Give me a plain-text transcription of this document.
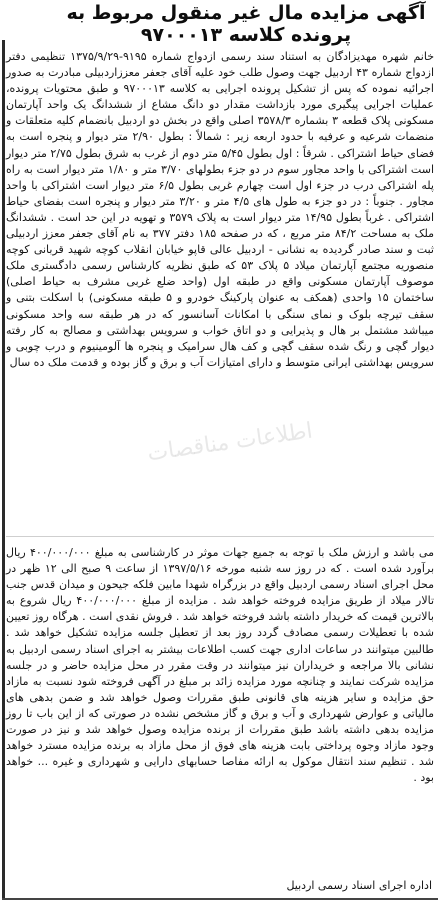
آگهی مزایده مال غیر منقول مربوط به پرونده کلاسه ۹۷۰۰۰۱۳
خانم شهره مهدیزادگان به استناد سند رسمی ازدواج شماره ۹۱۹۵-۱۳۷۵/۹/۲۹ تنظیمی دفتر ازدواج شماره ۴۳ اردبیل جهت وصول طلب خود علیه آقای جعفر معززاردبیلی مبادرت به صدور اجرائیه نموده که پس از تشکیل پرونده اجرایی به کلاسه ۹۷۰۰۰۱۳ و طبق محتویات پرونده، عملیات اجرایی پیگیری مورد بازداشت مقدار دو دانگ مشاع از ششدانگ یک واحد آپارتمان مسکونی پلاک قطعه ۳ بشماره ۳۵۷۸/۳ اصلی واقع در بخش دو اردبیل بانضمام کلیه متعلقات و منضمات شرعیه و عرفیه با حدود اربعه زیر : شمالاً : بطول ۲/۹۰ متر دیوار و پنجره است به فضای حیاط اشتراکی . شرقاً : اول بطول ۵/۴۵ متر دوم از غرب به شرق بطول ۲/۷۵ متر دیوار است اشتراکی با واحد مجاور سوم در دو جزء بطولهای ۳/۷۰ متر و ۱/۸۰ متر دیوار است به راه پله اشتراکی درب در جزء اول است چهارم غربی بطول ۶/۵ متر دیوار است اشتراکی با واحد مجاور . جنوباً : در دو جزء به طول های ۴/۵ متر و ۳/۲۰ متر دیوار و پنجره است بفضای حیاط اشتراکی . غرباً بطول ۱۴/۹۵ متر دیوار است به پلاک ۳۵۷۹ و تهویه در این حد است . ششدانگ ملک به مساحت ۸۴/۲ متر مربع ، که در صفحه ۱۸۵ دفتر ۳۷۷ به نام آقای جعفر معزز اردبیلی ثبت و سند صادر گردیده به نشانی - اردبیل عالی قاپو خیابان انقلاب کوچه شهید قربانی کوچه منصوریه مجتمع آپارتمان میلاد ۵ پلاک ۵۳ که طبق نظریه کارشناس رسمی دادگستری ملک موصوف آپارتمان مسکونی واقع در طبقه اول (واحد ضلع غربی مشرف به حیاط اصلی) ساختمان ۱۵ واحدی (همکف به عنوان پارکینگ خودرو و ۵ طبقه مسکونی) با اسکلت بتنی و سقف تیرچه بلوک و نمای سنگی با امکانات آسانسور که در هر طبقه سه واحد مسکونی میباشد مشتمل بر هال و پذیرایی و دو اتاق خواب و سرویس بهداشتی و مصالح به کار رفته دیوار گچی و رنگ شده سقف گچی و کف هال سرامیک و پنجره ها آلومینیوم و درب چوبی و سرویس بهداشتی ایرانی متوسط و دارای امتیازات آب و برق و گاز بوده و قدمت ملک ده سال
می باشد و ارزش ملک با توجه به جمیع جهات موثر در کارشناسی به مبلغ ۴۰۰/۰۰۰/۰۰۰ ریال برآورد شده است . که در روز سه شنبه مورخه ۱۳۹۷/۵/۱۶ از ساعت ۹ صبح الی ۱۲ ظهر در محل اجرای اسناد رسمی اردبیل واقع در بزرگراه شهدا مابین فلکه جیحون و میدان قدس جنب تالار میلاد از طریق مزایده فروخته خواهد شد . مزایده از مبلغ ۴۰۰/۰۰۰/۰۰۰ ریال شروع به بالاترین قیمت که خریدار داشته باشد فروخته خواهد شد . فروش نقدی است . هرگاه روز تعیین شده با تعطیلات رسمی مصادف گردد روز بعد از تعطیل جلسه مزایده تشکیل خواهد شد . طالبین میتوانند در ساعات اداری جهت کسب اطلاعات بیشتر به اجرای اسناد رسمی اردبیل به نشانی بالا مراجعه و خریداران نیز میتوانند در وقت مقرر در محل مزایده حاضر و در جلسه مزایده شرکت نمایند و چنانچه مورد مزایده زائد بر مبلغ در آگهی فروخته شود نسبت به مازاد حق مزایده و سایر هزینه های قانونی طبق مقررات وصول خواهد شد و ضمن بدهی های مالیاتی و عوارض شهرداری و آب و برق و گاز مشخص نشده در صورتی که از این باب تا روز مزایده بدهی داشته باشد طبق مقررات از برنده مزایده وصول خواهد شد و نیز در صورت وجود مازاد وجوه پرداختی بابت هزینه های فوق از محل مازاد به برنده مزایده مسترد خواهد شد . تنظیم سند انتقال موکول به ارائه مفاصا حسابهای دارایی و شهرداری و غیره ... خواهد بود .
اداره اجرای اسناد رسمی اردبیل
اطلاعات مناقصات
